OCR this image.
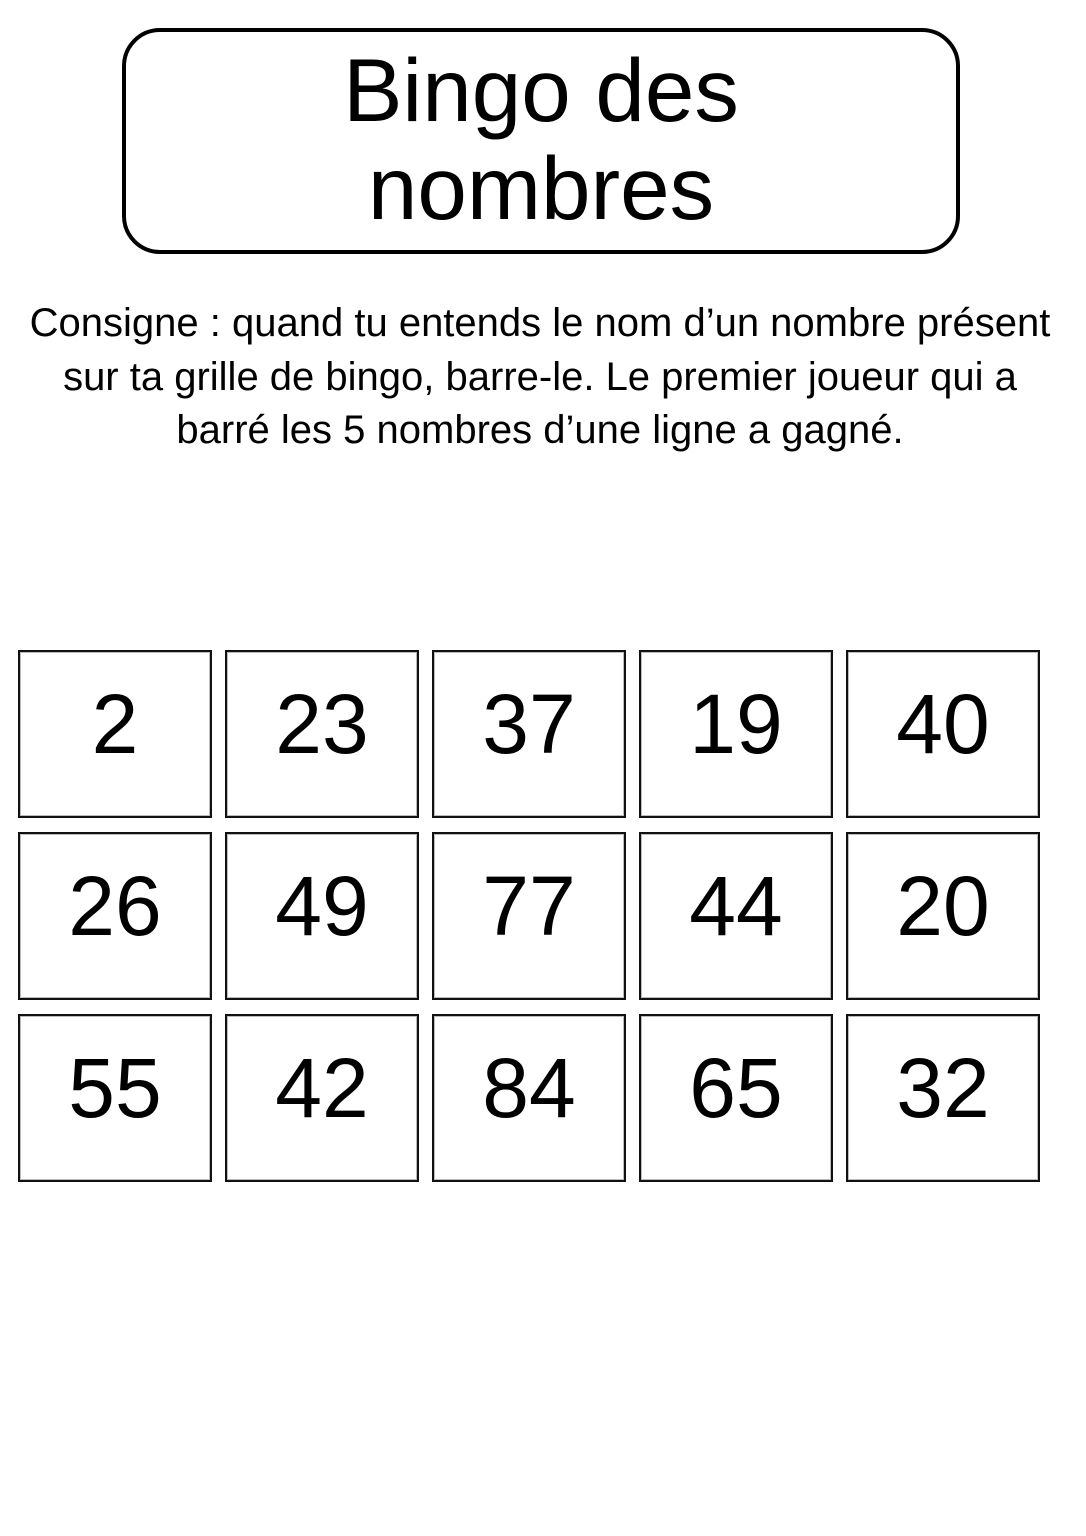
Bingo des
nombres
Consigne : quand tu entends le nom d’un nombre présent sur ta grille de bingo, barre-le. Le premier joueur qui a barré les 5 nombres d’une ligne a gagné.
2	23	37	19	40
26	49	77	44	20
55	42	84	65	32
